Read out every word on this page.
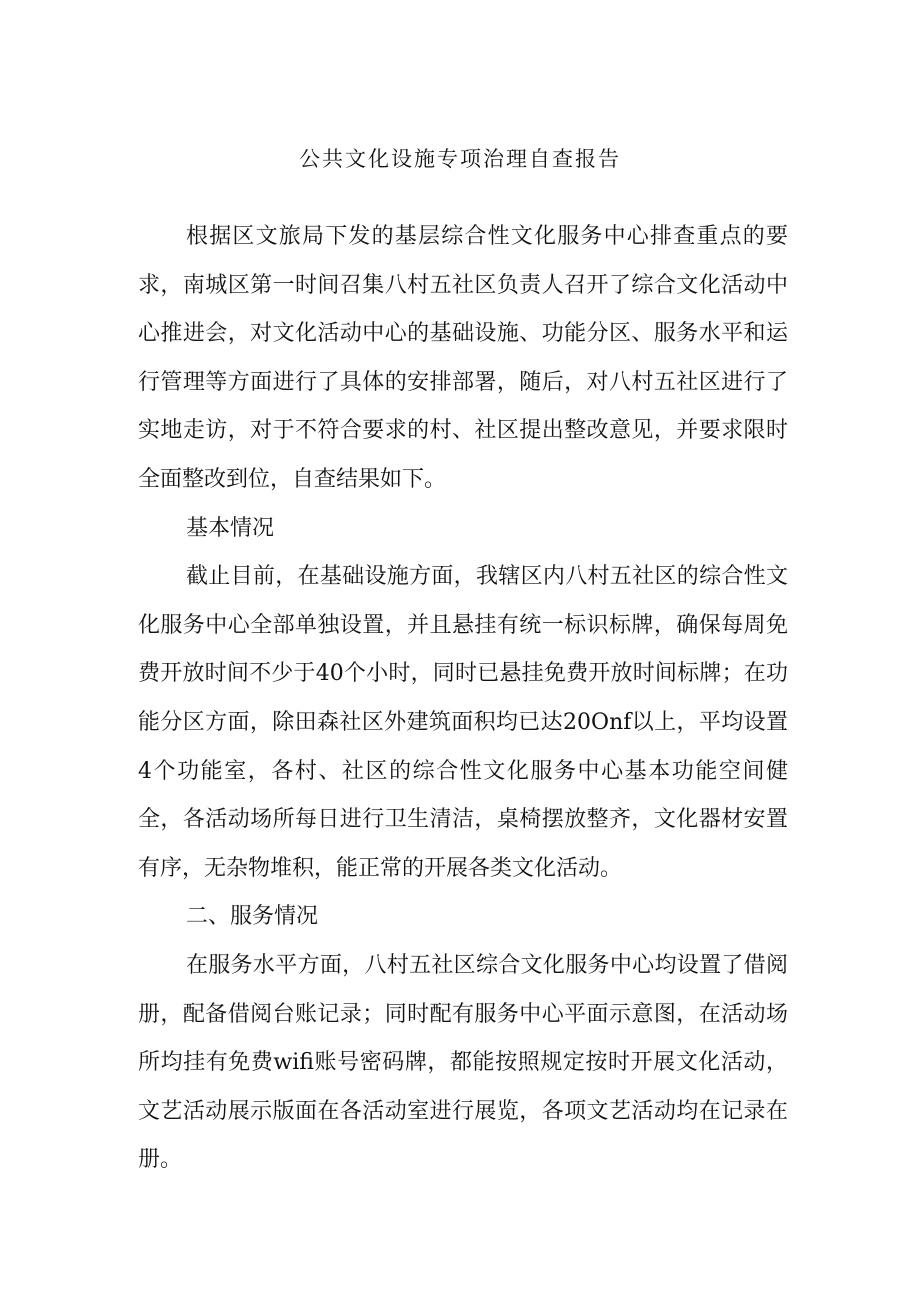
公共文化设施专项治理自查报告

根据区文旅局下发的基层综合性文化服务中心排查重点的要求，南城区第一时间召集八村五社区负责人召开了综合文化活动中心推进会，对文化活动中心的基础设施、功能分区、服务水平和运行管理等方面进行了具体的安排部署，随后，对八村五社区进行了实地走访，对于不符合要求的村、社区提出整改意见，并要求限时全面整改到位，自查结果如下。

基本情况

截止目前，在基础设施方面，我辖区内八村五社区的综合性文化服务中心全部单独设置，并且悬挂有统一标识标牌，确保每周免费开放时间不少于40个小时，同时已悬挂免费开放时间标牌；在功能分区方面，除田森社区外建筑面积均已达20Onf以上，平均设置4个功能室，各村、社区的综合性文化服务中心基本功能空间健全，各活动场所每日进行卫生清洁，桌椅摆放整齐，文化器材安置有序，无杂物堆积，能正常的开展各类文化活动。

二、服务情况

在服务水平方面，八村五社区综合文化服务中心均设置了借阅册，配备借阅台账记录；同时配有服务中心平面示意图，在活动场所均挂有免费wifi账号密码牌，都能按照规定按时开展文化活动，文艺活动展示版面在各活动室进行展览，各项文艺活动均在记录在册。
